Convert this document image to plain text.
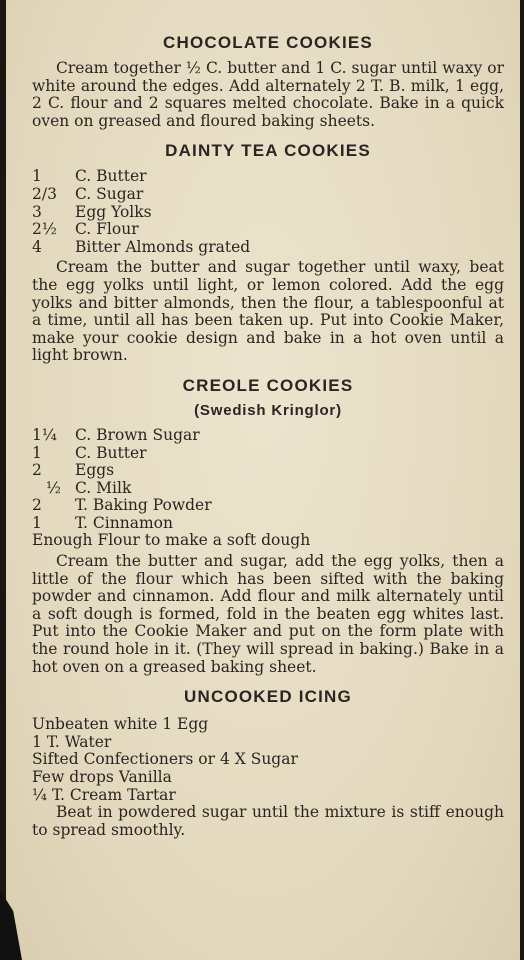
CHOCOLATE COOKIES

Cream together ½ C. butter and 1 C. sugar until waxy or white around the edges. Add alternately 2 T. B. milk, 1 egg, 2 C. flour and 2 squares melted chocolate. Bake in a quick oven on greased and floured baking sheets.

DAINTY TEA COOKIES
1	C. Butter
2/3	C. Sugar
3	Egg Yolks
2½	C. Flour
4	Bitter Almonds grated

Cream the butter and sugar together until waxy, beat the egg yolks until light, or lemon colored. Add the egg yolks and bitter almonds, then the flour, a tablespoonful at a time, until all has been taken up. Put into Cookie Maker, make your cookie design and bake in a hot oven until a light brown.

CREOLE COOKIES
(Swedish Kringlor)
1¼	C. Brown Sugar
1	C. Butter
2	Eggs
½ C. Milk
2	T. Baking Powder
1	T. Cinnamon
Enough Flour to make a soft dough

Cream the butter and sugar, add the egg yolks, then a little of the flour which has been sifted with the baking powder and cinnamon. Add flour and milk alternately until a soft dough is formed, fold in the beaten egg whites last. Put into the Cookie Maker and put on the form plate with the round hole in it. (They will spread in baking.) Bake in a hot oven on a greased baking sheet.

UNCOOKED ICING
Unbeaten white 1 Egg
1 T. Water
Sifted Confectioners or 4 X Sugar
Few drops Vanilla
¼ T. Cream Tartar

Beat in powdered sugar until the mixture is stiff enough to spread smoothly.
